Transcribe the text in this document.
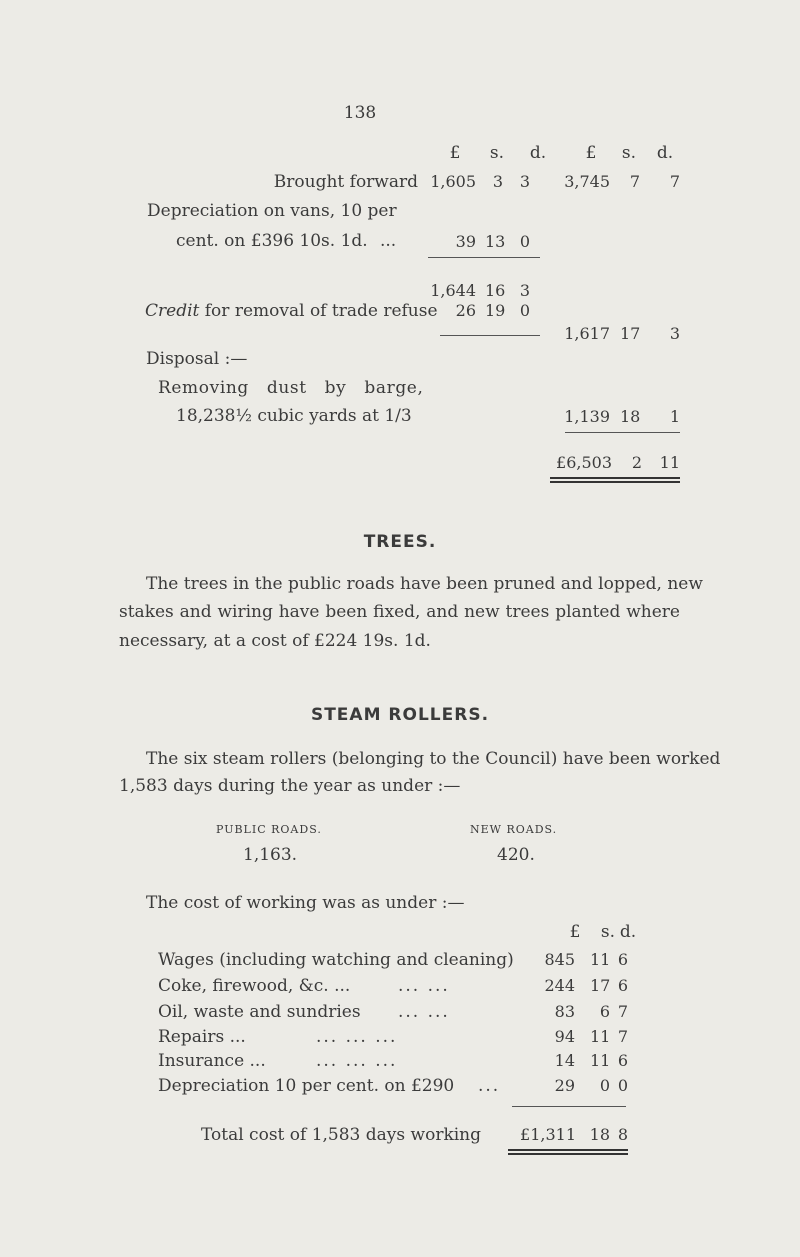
138
£	s.	d.	£	s.	d.
Brought forward 1,605	3	3 3,745	7	7
Depreciation on vans, 10 per
cent. on £396 10s. 1d. ...	39 13 0
1,644 16 3
Credit for removal of trade refuse	26 19 0
1,617 17	3
Disposal :—
Removing dust by barge,
18,238½ cubic yards at 1/3	1,139 18	1
£6,503	2	11
TREES.
The trees in the public roads have been pruned and lopped, new
stakes and wiring have been fixed, and new trees planted where
necessary, at a cost of £224 19s. 1d.
STEAM ROLLERS.
The six steam rollers (belonging to the Council) have been worked
1,583 days during the year as under :—
PUBLIC ROADS.
1,163.
NEW ROADS.
420.
The cost of working was as under :—
£	s. d.
Wages (including watching and cleaning)	845 11 6
Coke, firewood, &c. ...	... ...	244 17 6
Oil, waste and sundries ... ...	83	6 7
Repairs ...	... ... ...	94 11 7
Insurance ...	... ... ...	14 11 6
Depreciation 10 per cent. on £290 ...	29	0 0
Total cost of 1,583 days working	£1,311 18 8
